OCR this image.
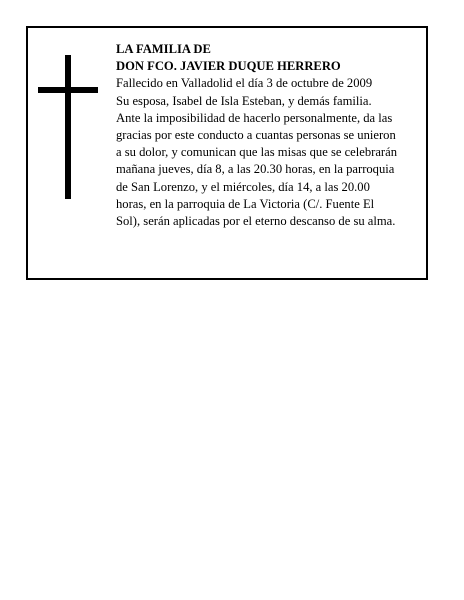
LA FAMILIA DE

DON FCO. JAVIER DUQUE HERRERO

Fallecido en Valladolid el día 3 de octubre de 2009

Su esposa, Isabel de Isla Esteban, y demás familia.

Ante la imposibilidad de hacerlo personalmente, da las

gracias por este conducto a cuantas personas se unieron

a su dolor, y comunican que las misas que se celebrarán

mañana jueves, día 8, a las 20.30 horas, en la parroquia

de San Lorenzo, y el miércoles, día 14, a las 20.00

horas, en la parroquia de La Victoria (C/. Fuente El

Sol), serán aplicadas por el eterno descanso de su alma.
